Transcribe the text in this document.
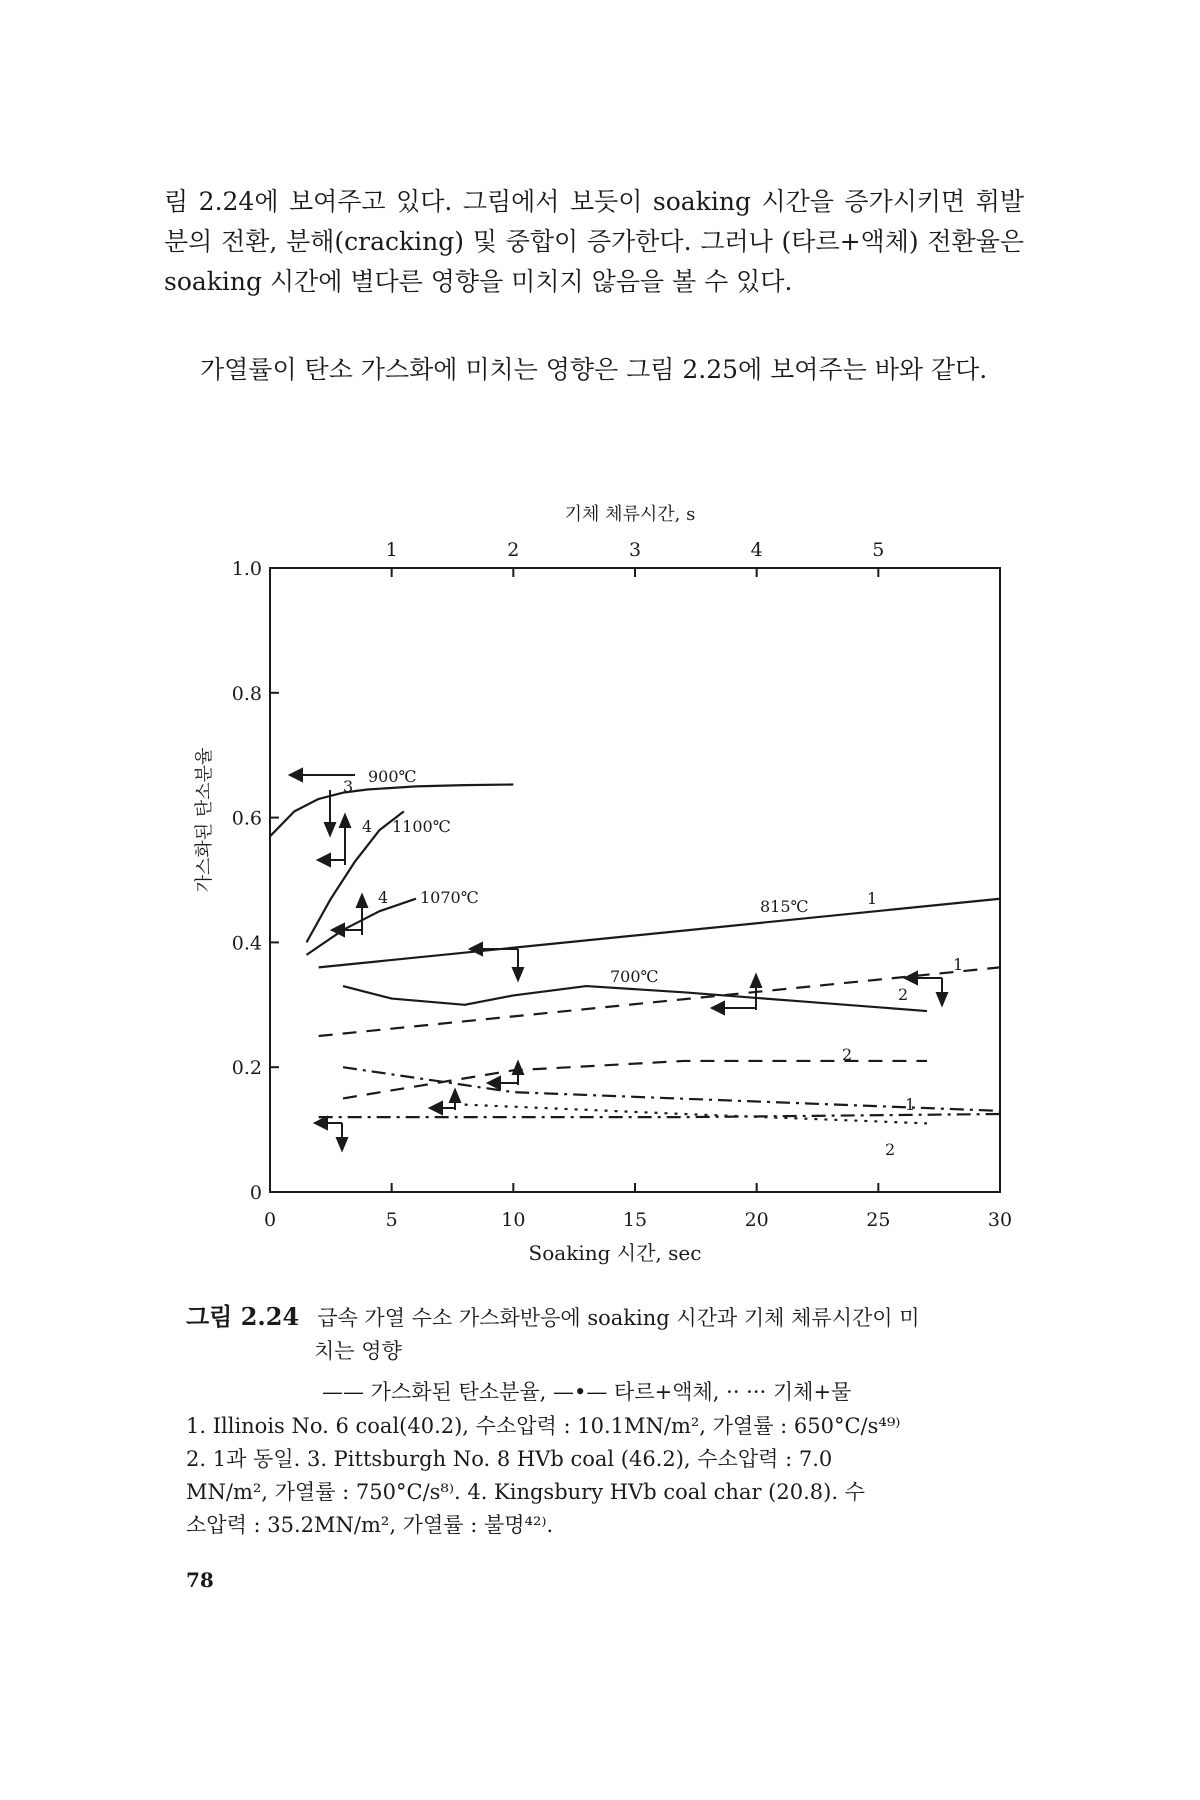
림 2.24에 보여주고 있다. 그림에서 보듯이 soaking 시간을 증가시키면 휘발분의 전환, 분해(cracking) 및 중합이 증가한다. 그러나 (타르+액체) 전환율은 soaking 시간에 별다른 영향을 미치지 않음을 볼 수 있다.

가열률이 탄소 가스화에 미치는 영향은 그림 2.25에 보여주는 바와 같다.

기체 체류시간, s
Soaking 시간, sec
가스화된 탄소분율
0	5	10	15	20	25	30
0
0.2
0.4
0.6
0.8
1.0
1	2	3	4	5
3
900℃
4 1100℃
4 1070℃	815℃	1
700℃
1
2
2
1
2
그림 2.24 급속 가열 수소 가스화반응에 soaking 시간과 기체 체류시간이 미
치는 영향
—— 가스화된 탄소분율, —•— 타르+액체, ·· ··· 기체+물
1. Illinois No. 6 coal(40.2), 수소압력 : 10.1MN/m², 가열률 : 650°C/s⁴⁹⁾
2. 1과 동일. 3. Pittsburgh No. 8 HVb coal (46.2), 수소압력 : 7.0
MN/m², 가열률 : 750°C/s⁸⁾. 4. Kingsbury HVb coal char (20.8). 수
소압력 : 35.2MN/m², 가열률 : 불명⁴²⁾.
78
